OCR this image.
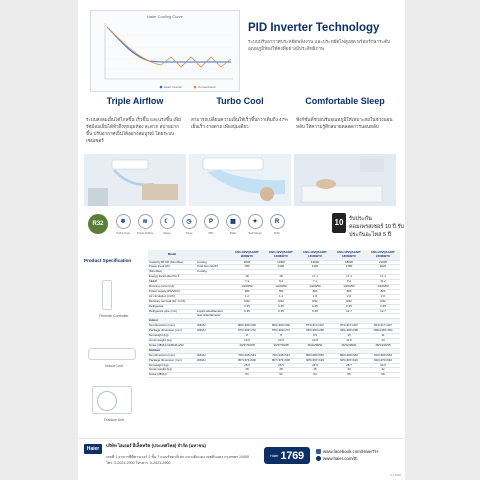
Haier Cooling Curve
Haier Inverter	Conventional
PID Inverter Technology
ระบบปรับอากาศประหยัดพลังงาน และประหยัดไฟสูงสุด พร้อมรักษาระดับอุณหภูมิห้องให้คงที่อย่างมีประสิทธิภาพ
Triple Airflow
ระบบส่งลมเย็นได้ไกลขึ้น เร็วขึ้น และแรงขึ้น เพิ่มรัศมีลมเย็นได้ทั่วถึงทุกมุมห้อง สะดวก สบายมากขึ้น ปรับอากาศเย็นได้อย่างสมบูรณ์ โดยระบบเซนเซอร์
Turbo Cool
สามารถเปลี่ยนความเย็นให้เร็วขึ้นกว่าเดิมถึง 47% เย็นเร็ว ง่ายดาย เพียงปุ่มเดียว
Comfortable Sleep
ฟังก์ชั่นที่ช่วยปรับอุณหภูมิให้เหมาะสมในช่วงนอนหลับ ให้ความรู้สึกสบายตลอดการนอนหลับ
R32	❄
Turbo Cool
≋
Triple Airflow
☾
Sleep
◷
Timer
P
PID
▦
Filter
✦
Self Clean
R
R32
10	รับประกันคอมเพรสเซอร์ 10 ปี รับประกันอะไหล่ 5 ปี
Product Specification
Remote Controller
Indoor Unit
Outdoor Unit
Model		HSU-09VQAA03T 9000BTU	HSU-12VQAA03T 12000BTU	HSU-13VQAA03T 13000BTU	HSU-18VQAA03T 18000BTU	HSU-24VQAA03T 24000BTU
Capacity BTU/h (Min-Max)	Cooling	9000	11900	13000	18000	21000
Power input (W)	Total from EUAT	780	1190	1320	1780	2020
(Min-Max)	Cooling					
Energy Eval Label No.5		18	18	17.1	17.1	17.1
SEER		7.4	9.2	7.1	9.2	11.2
Running current (A)		1/220/50	1/220/50	1/220/50	1/220/50	1/220/50
Power supply (Ph/V/Hz)		380	780	800	800	820
Air circulation (m³/h)		1.2	1.4	1.8	2.0	2.0
Moisture removal (10⁻³m³/h)		R32	R32	R32	R32	R32
Refrigerant		0.35	0.35	0.35	0.35	0.35
Refrigerant pipe (mm)	Liquid side/diameter	6.35	6.35	6.35	12.7	12.7
	Gas side/diameter					
Indoor						
Net dimension (mm)	W/D/H	800×300×200	800×300×200	873×317×307	873×317×307	873×317×307
Package dimension (mm)	W/D/H	876×303×272	876×303×272	945×390×298	945×390×298	1000×387×301
Net weight (kg)		8	8	9.5	10	11
Gross weight (kg)		10.5	10.5	10.8	11.5	13
Noise (dB(A)) Hi/Mid/Lo/Sil		40/37/33/28	40/37/33/28	46/42/38/31	46/42/38/31	48/44/40/35
Outdoor						
Net dimension (mm)	W/D/H	700×245×544	700×245×544	800×280×553	800×280×553	810×300×563
Package dimension (mm)	W/D/H	807×374×600	807×374×600	905×397×623	905×397×623	920×370×640
Net weight (kg)		26.5	26.5	24.5	28.7	40.5
Gross weight (kg)		28	28	26	30	42
Noise (dB(A))		53	53	53	55	58
Haier
บริษัท ไฮเออร์ อีเล็คทริค (ประเทศไทย) จำกัด (มหาชน)
เลขที่ 1 อาคารซีพีทาวเวอร์ 2 ชั้น 7 ถนนรัชดาภิเษก แขวงดินแดง เขตดินแดง กรุงเทพฯ 10400 โทร. 0-2021-2900 โทรสาร. 0-2021-2900
Haier 1769	www.facebook.com/HaierTH
www.haier.com/th
V.1.2022
